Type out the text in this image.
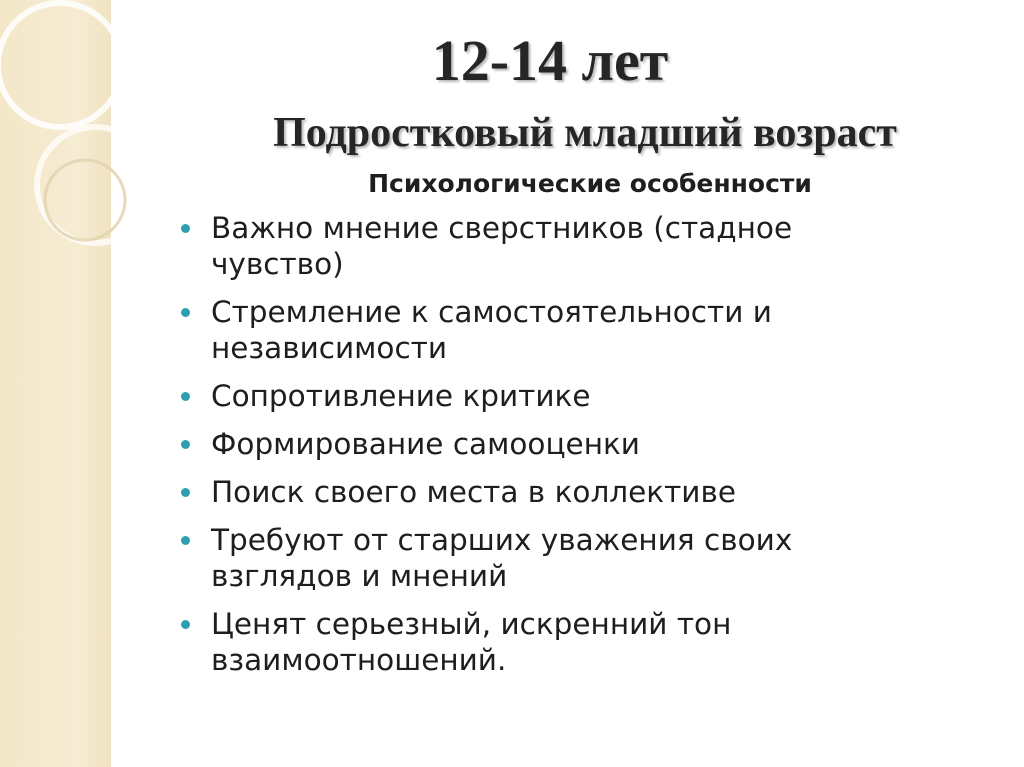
12-14 лет
Подростковый младший возраст
Психологические особенности
Важно мнение сверстников (стадное чувство)
Стремление к самостоятельности и независимости
Сопротивление критике
Формирование самооценки
Поиск своего места в коллективе
Требуют от старших уважения своих взглядов и мнений
Ценят серьезный, искренний тон взаимоотношений.
